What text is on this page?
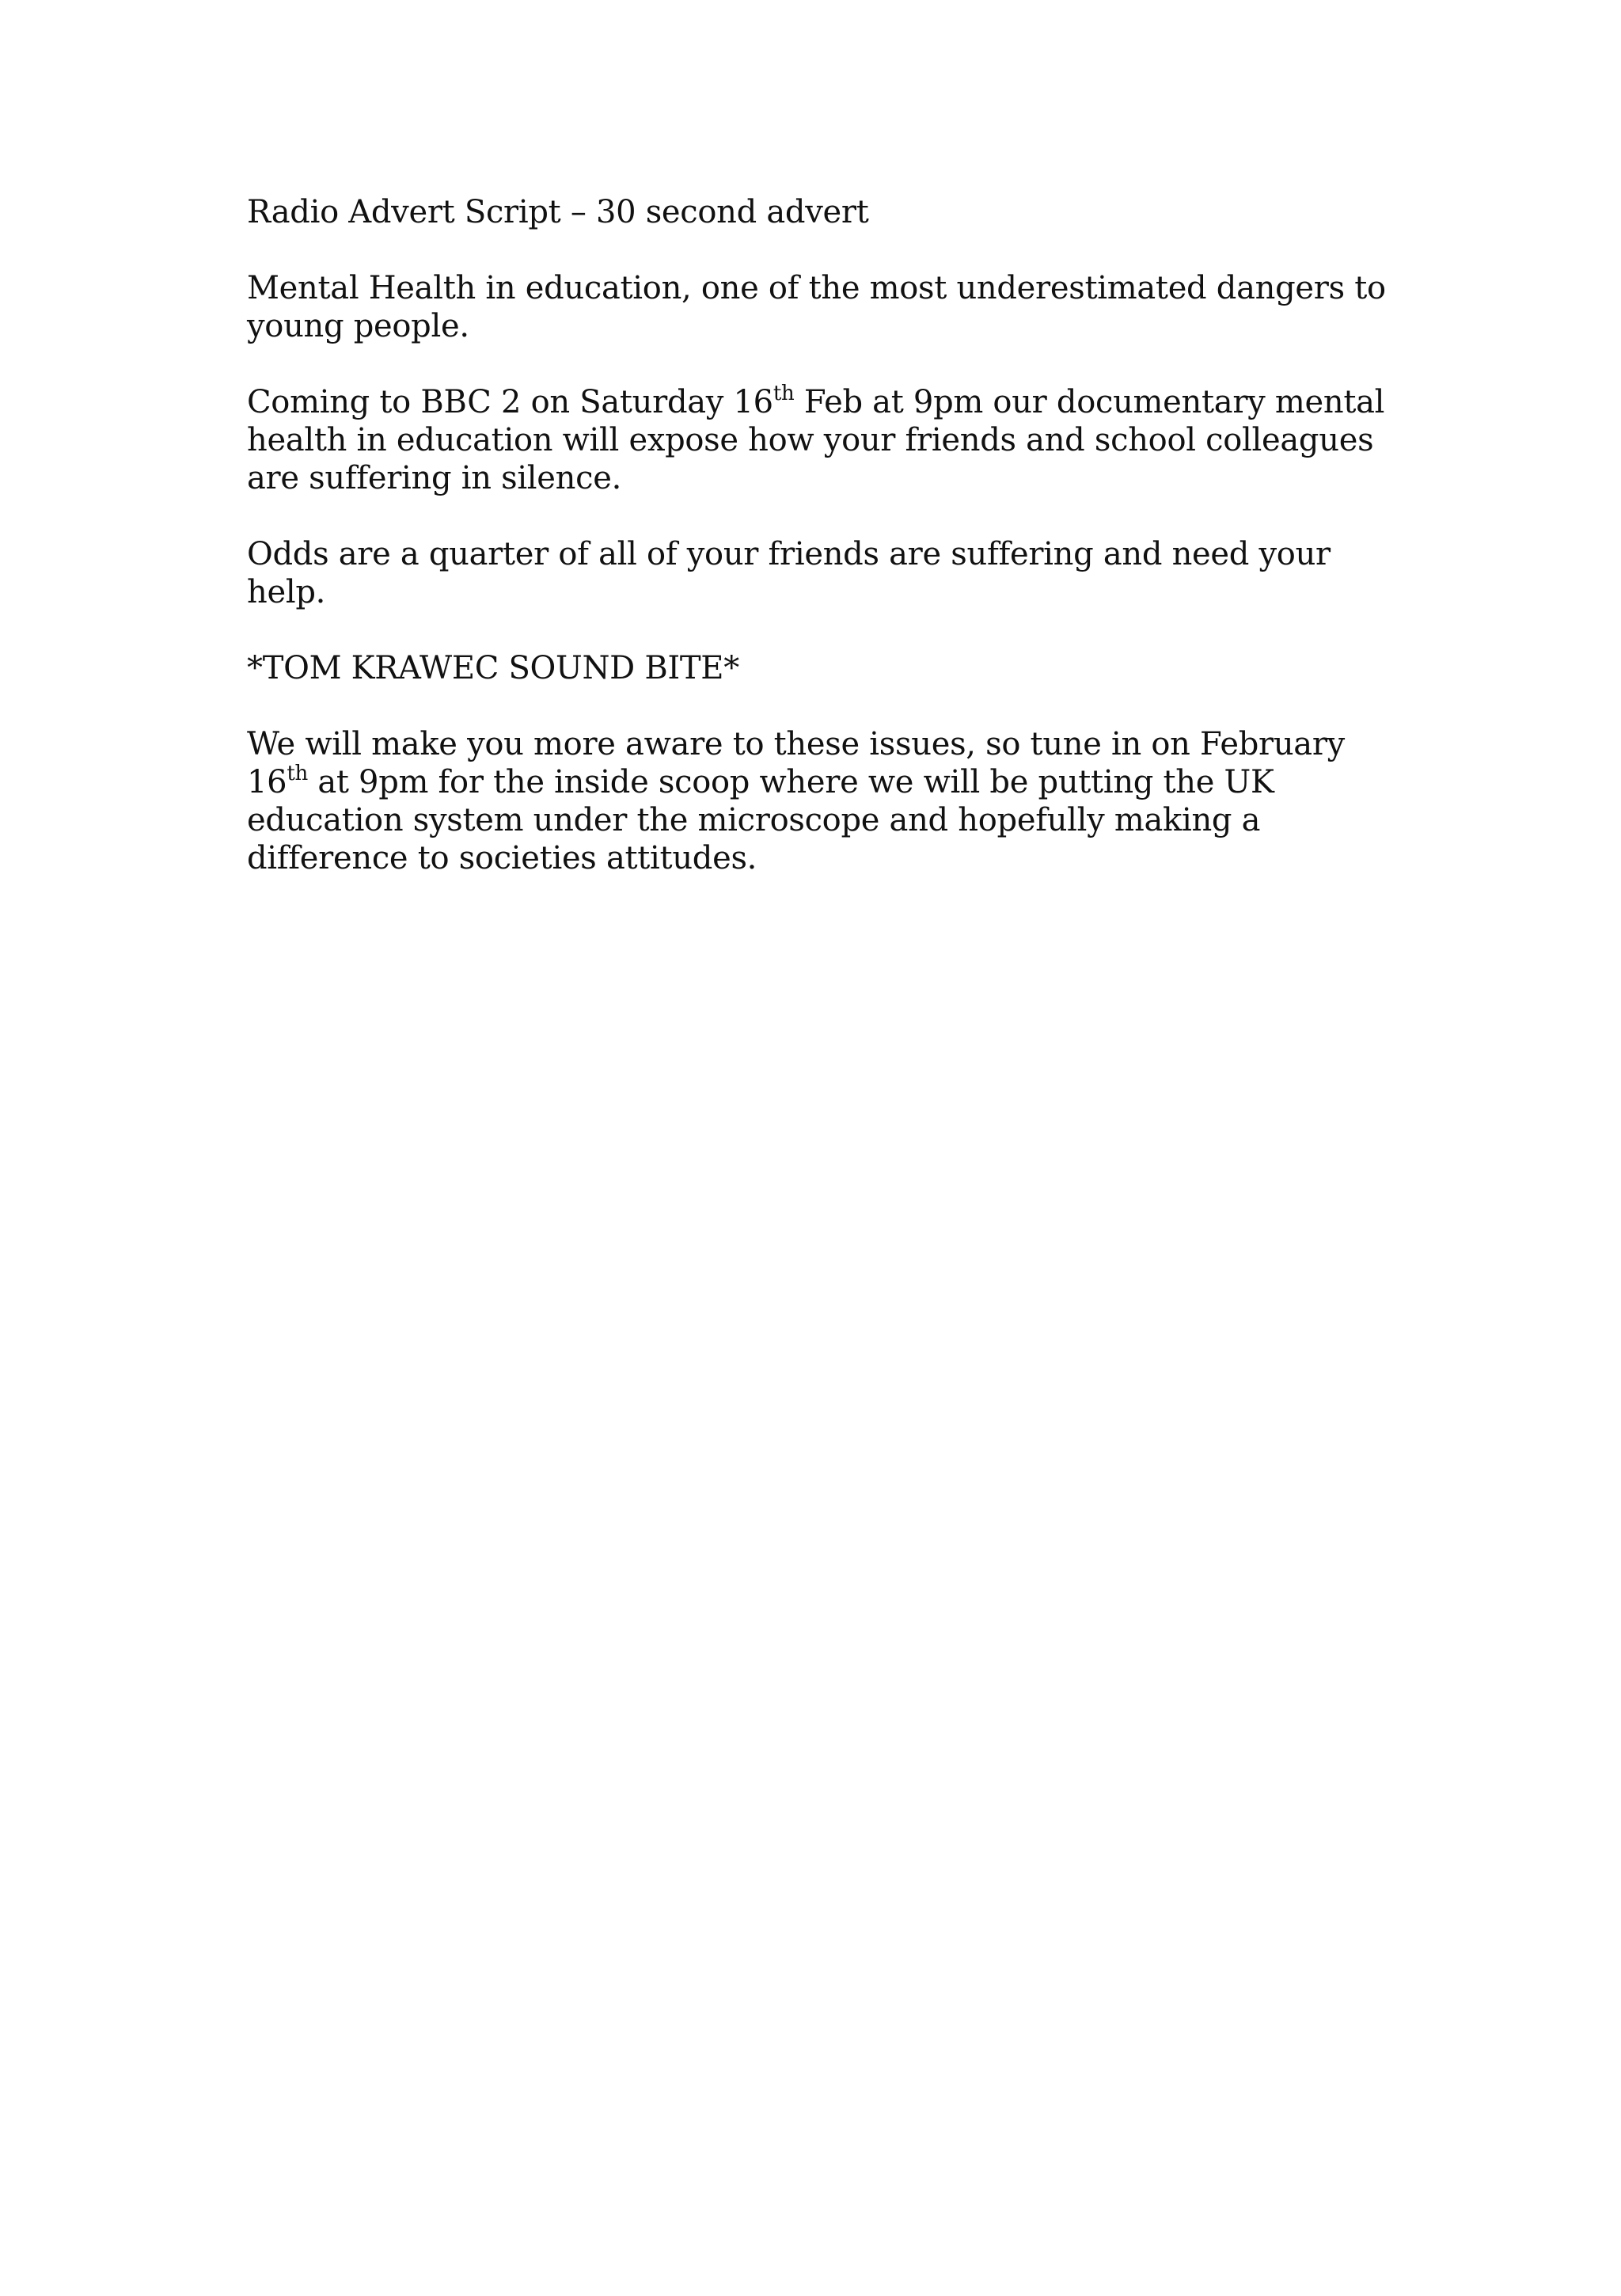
Radio Advert Script – 30 second advert

Mental Health in education, one of the most underestimated dangers to young people.

Coming to BBC 2 on Saturday 16th Feb at 9pm our documentary mental health in education will expose how your friends and school colleagues are suffering in silence.

Odds are a quarter of all of your friends are suffering and need your help.

*TOM KRAWEC SOUND BITE*

We will make you more aware to these issues, so tune in on February 16th at 9pm for the inside scoop where we will be putting the UK education system under the microscope and hopefully making a difference to societies attitudes.
